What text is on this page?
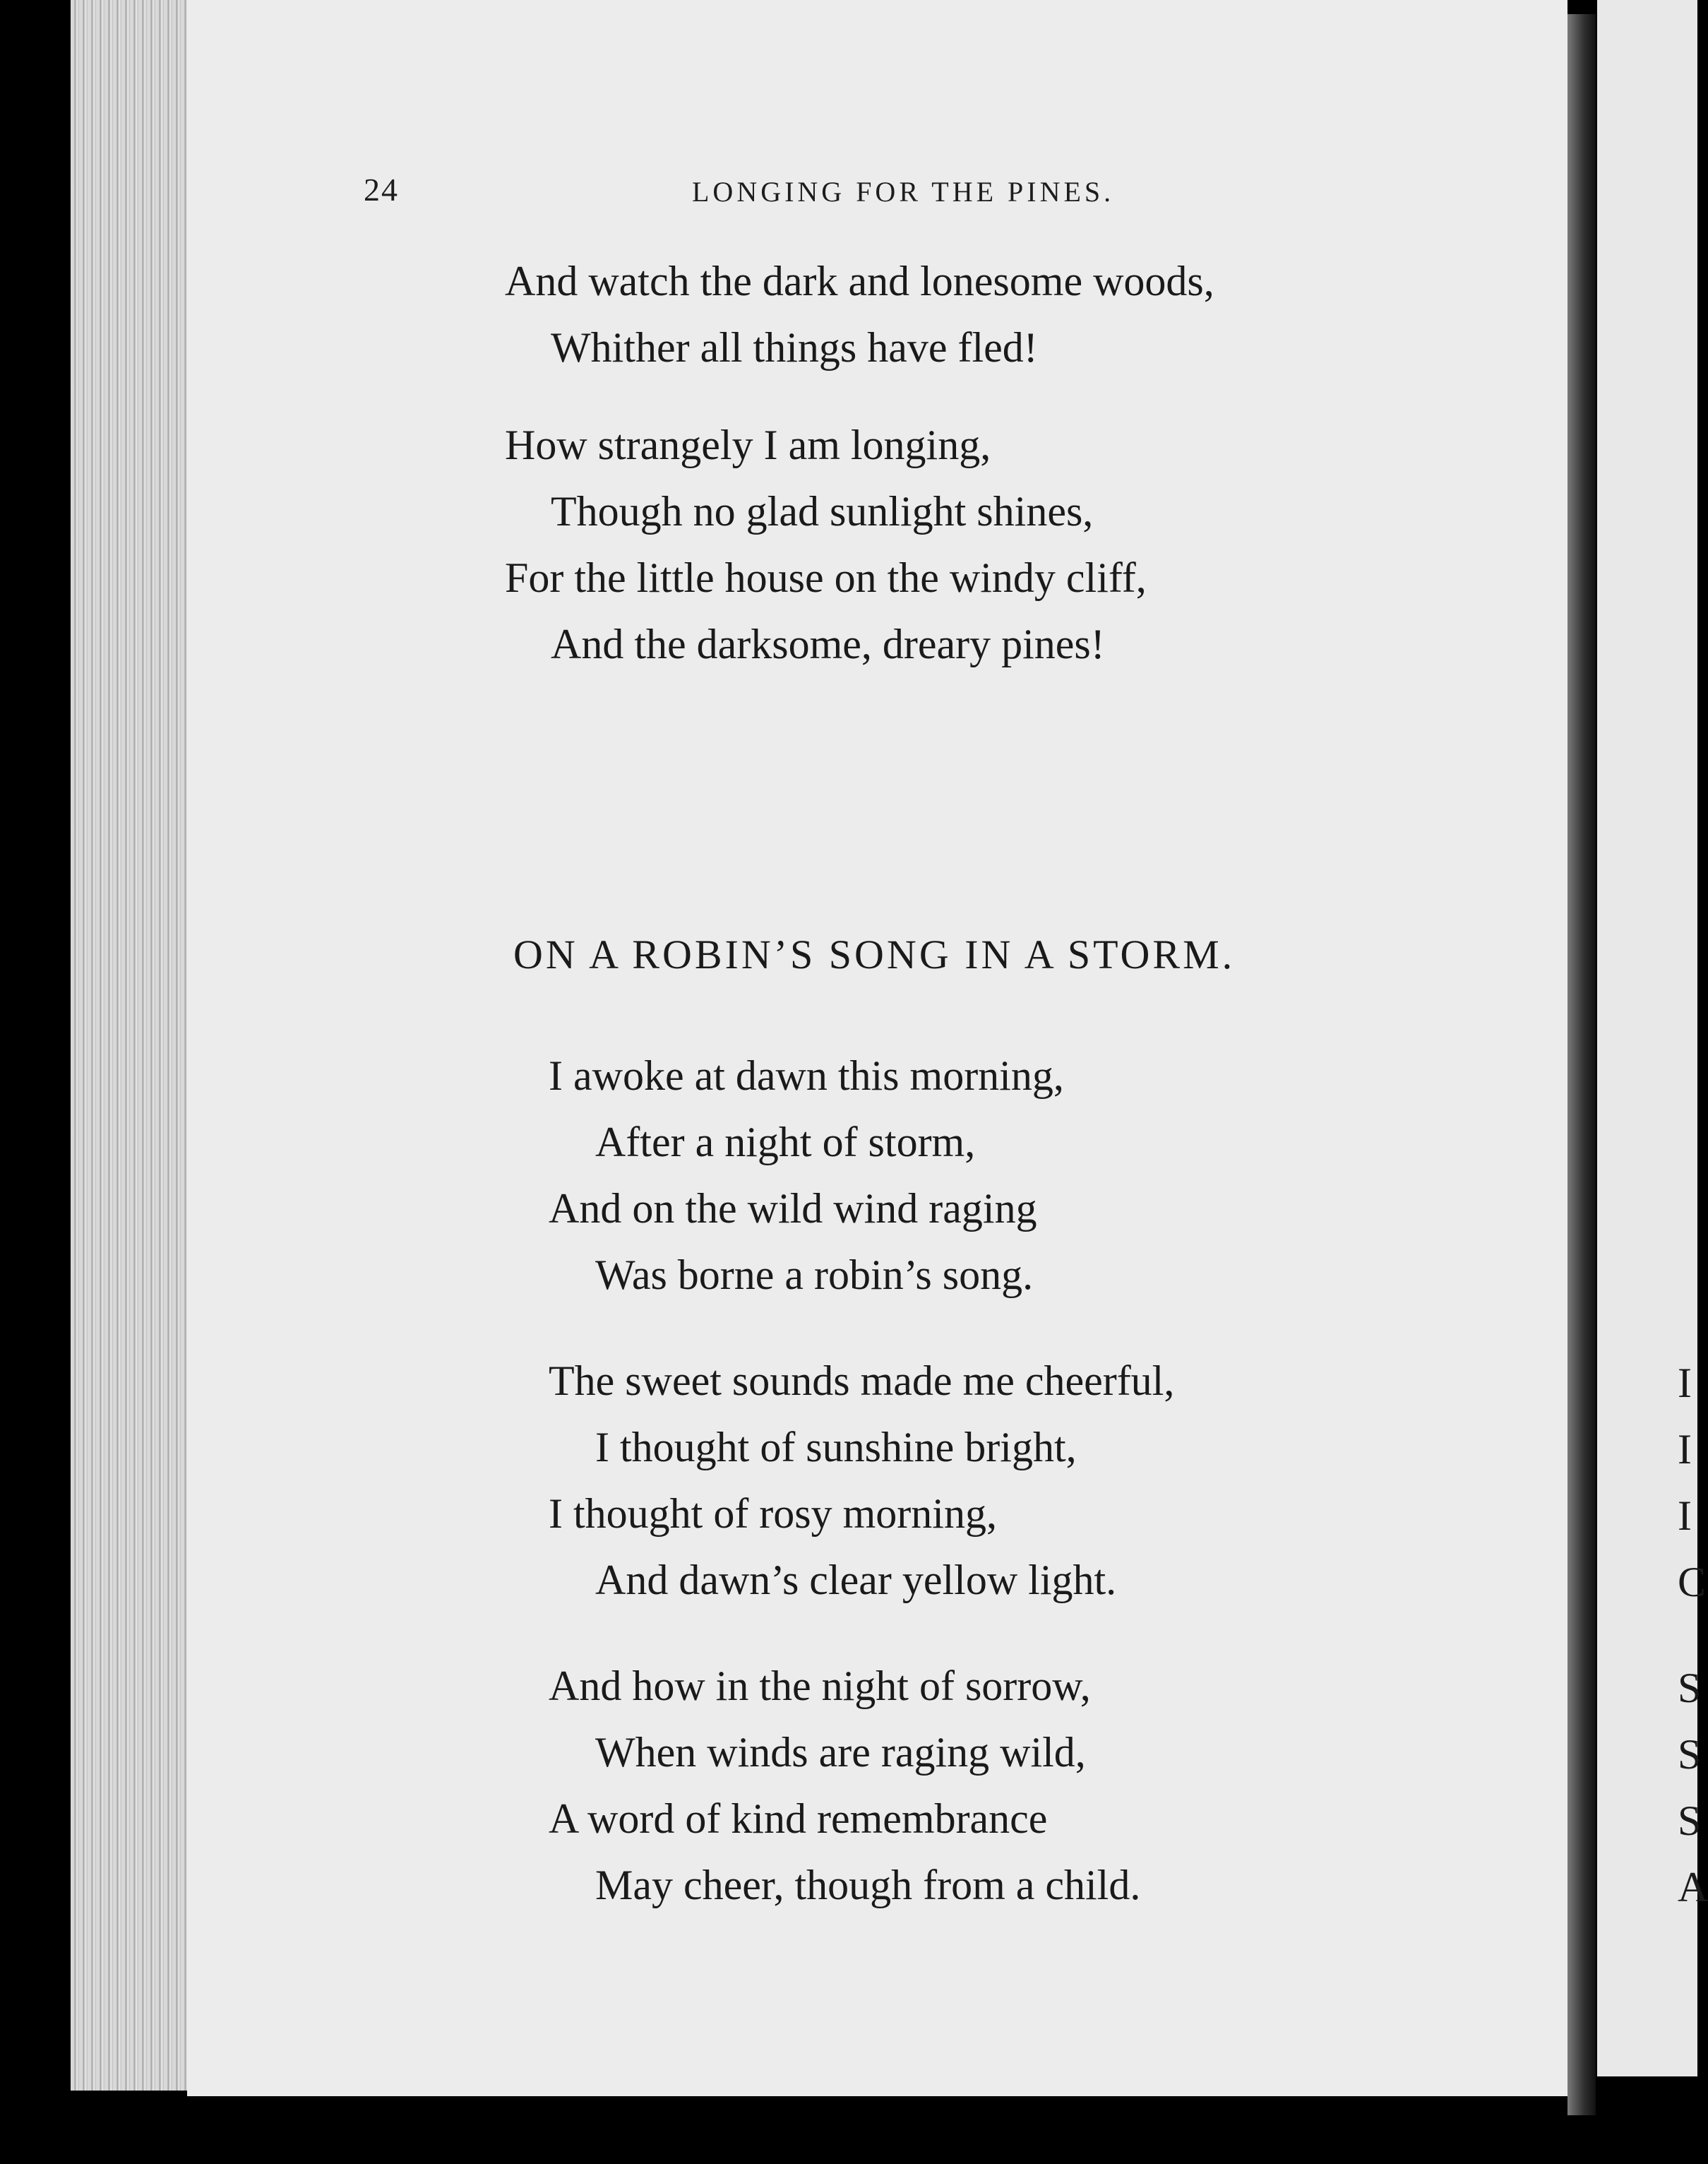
24	LONGING FOR THE PINES.
And watch the dark and lonesome woods,
Whither all things have fled!
How strangely I am longing,
Though no glad sunlight shines,
For the little house on the windy cliff,
And the darksome, dreary pines!
ON A ROBIN’S SONG IN A STORM.
I awoke at dawn this morning,
After a night of storm,
And on the wild wind raging
Was borne a robin’s song.
The sweet sounds made me cheerful,
I thought of sunshine bright,
I thought of rosy morning,
And dawn’s clear yellow light.
And how in the night of sorrow,
When winds are raging wild,
A word of kind remembrance
May cheer, though from a child.
I
I
I
C
S
S
S
A
